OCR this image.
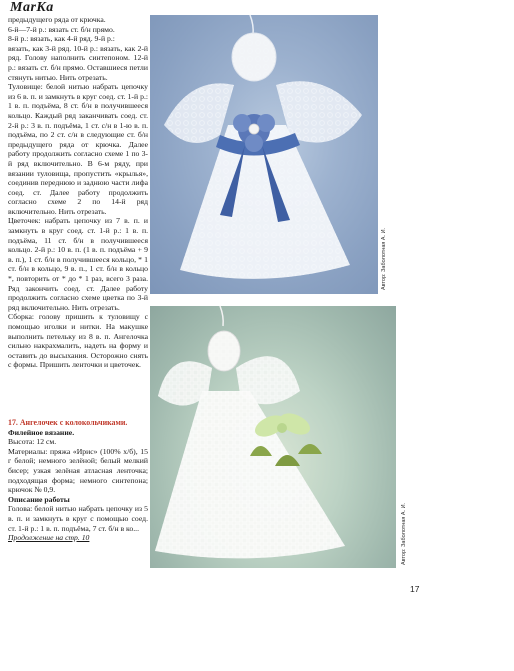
MarKa

предыдущего ряда от крючка.

6-й—7-й р.: вязать ст. б/н прямо.

8-й р.: вязать, как 4-й ряд. 9-й р.:

вязать, как 3-й ряд. 10-й р.: вязать, как 2-й ряд. Голову наполнить синтепоном. 12-й р.: вязать ст. б/н прямо. Оставшиеся петли стянуть нитью. Нить отрезать.

Туловище: белой нитью набрать цепочку из 6 в. п. и замкнуть в круг соед. ст. 1-й р.: 1 в. п. подъёма, 8 ст. б/н в получившееся кольцо. Каждый ряд заканчивать соед. ст. 2-й р.: 3 в. п. подъёма, 1 ст. с/н в 1-ю в. п. подъёма, по 2 ст. с/н в следующие ст. б/н предыдущего ряда от крючка. Далее работу продолжить согласно схеме 1 по 3-й ряд включительно. В 6-м ряду, при вязании туловища, пропустить «крылья», соединив переднюю и заднюю части лифа соед. ст. Далее работу продолжить согласно схеме 2 по 14-й ряд включительно. Нить отрезать.

Цветочек: набрать цепочку из 7 в. п. и замкнуть в круг соед. ст. 1-й р.: 1 в. п. подъёма, 11 ст. б/н в получившееся кольцо. 2-й р.: 10 в. п. (1 в. п. подъёма + 9 в. п.), 1 ст. б/н в получившееся кольцо, * 1 ст. б/н в кольцо, 9 в. п., 1 ст. б/н в кольцо *, повторить от * до * 1 раз, всего 3 раза. Ряд закончить соед. ст. Далее работу продолжить согласно схеме цветка по 3-й ряд включительно. Нить отрезать.

Сборка: голову пришить к туловищу с помощью иголки и нитки. На макушке выполнить петельку из 8 в. п. Ангелочка сильно накрахмалить, надеть на форму и оставить до высыхания. Осторожно снять с формы. Пришить ленточки и цветочек.

17. Ангелочек с колокольчиками.

Филейное вязание.

Высота: 12 см.

Материалы: пряжа «Ирис» (100% х/б), 15 г белой; немного зелёной; белый мелкий бисер; узкая зелёная атласная ленточка; подходящая форма; немного синтепона; крючок № 0,9.

Описание работы

Голова: белой нитью набрать цепочку из 5 в. п. и замкнуть в круг с помощью соед. ст. 1-й р.: 1 в. п. подъёма, 7 ст. б/н в ко...

Продолжение на стр. 10

16
Автор: Заболотная А. И.
17
Автор: Заболотная А. И.
17
